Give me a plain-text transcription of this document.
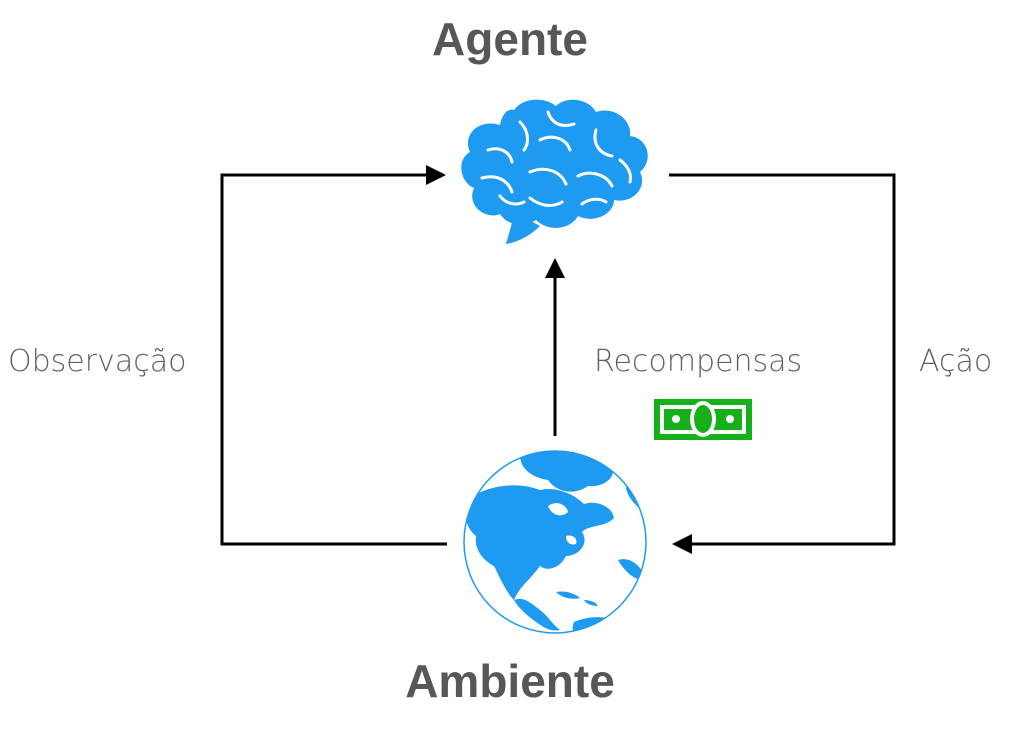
Agente
Observação	Recompensas	Ação
Ambiente
